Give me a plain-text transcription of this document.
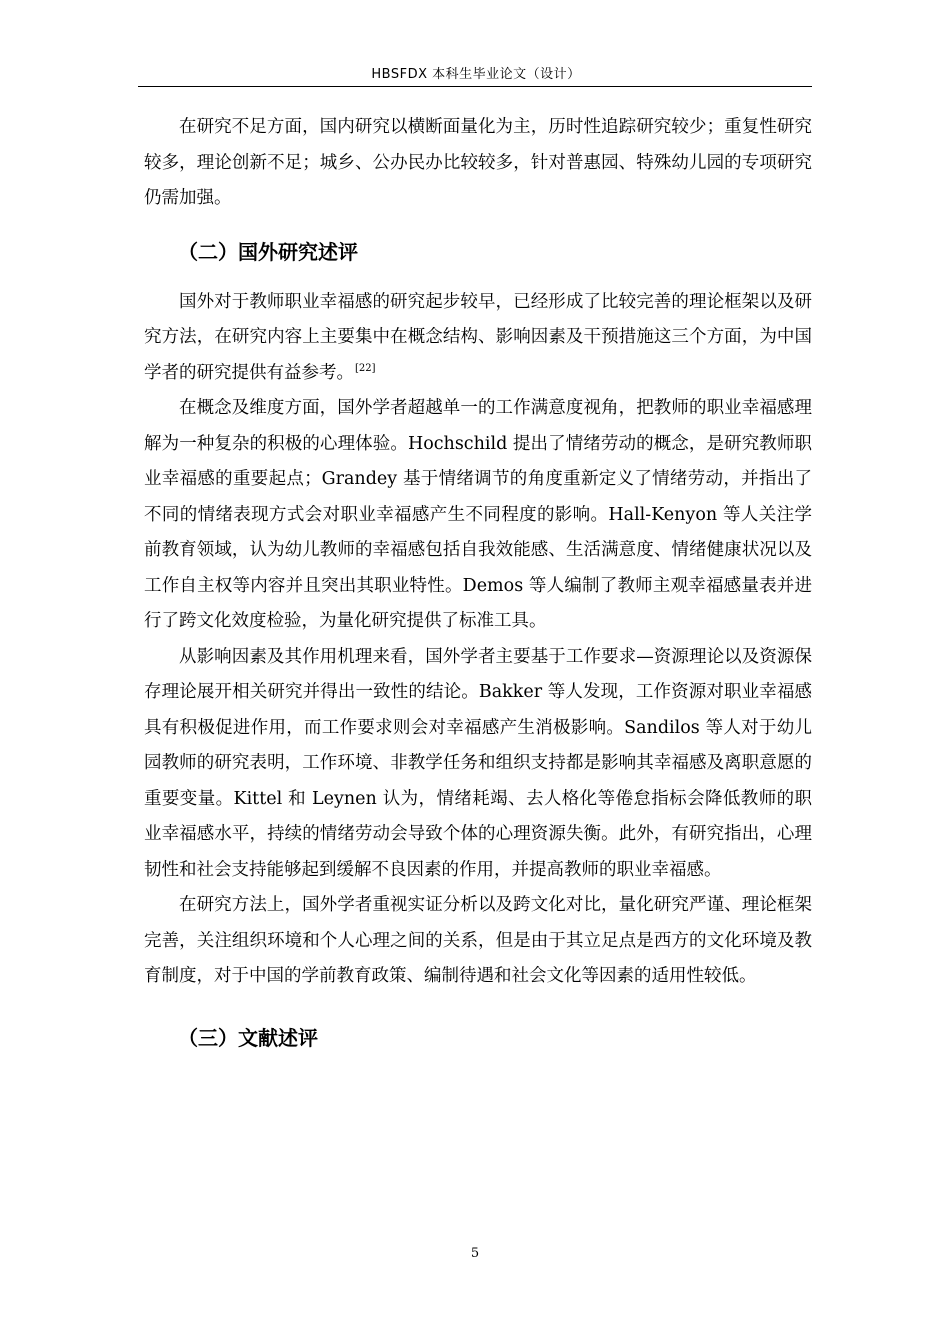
HBSFDX 本科生毕业论文（设计）

在研究不足方面，国内研究以横断面量化为主，历时性追踪研究较少；重复性研究较多，理论创新不足；城乡、公办民办比较较多，针对普惠园、特殊幼儿园的专项研究仍需加强。

（二）国外研究述评

国外对于教师职业幸福感的研究起步较早，已经形成了比较完善的理论框架以及研究方法，在研究内容上主要集中在概念结构、影响因素及干预措施这三个方面，为中国学者的研究提供有益参考。[22]

在概念及维度方面，国外学者超越单一的工作满意度视角，把教师的职业幸福感理解为一种复杂的积极的心理体验。Hochschild 提出了情绪劳动的概念，是研究教师职业幸福感的重要起点；Grandey 基于情绪调节的角度重新定义了情绪劳动，并指出了不同的情绪表现方式会对职业幸福感产生不同程度的影响。Hall-Kenyon 等人关注学前教育领域，认为幼儿教师的幸福感包括自我效能感、生活满意度、情绪健康状况以及工作自主权等内容并且突出其职业特性。Demos 等人编制了教师主观幸福感量表并进行了跨文化效度检验，为量化研究提供了标准工具。

从影响因素及其作用机理来看，国外学者主要基于工作要求—资源理论以及资源保存理论展开相关研究并得出一致性的结论。Bakker 等人发现，工作资源对职业幸福感具有积极促进作用，而工作要求则会对幸福感产生消极影响。Sandilos 等人对于幼儿园教师的研究表明，工作环境、非教学任务和组织支持都是影响其幸福感及离职意愿的重要变量。Kittel 和 Leynen 认为，情绪耗竭、去人格化等倦怠指标会降低教师的职业幸福感水平，持续的情绪劳动会导致个体的心理资源失衡。此外，有研究指出，心理韧性和社会支持能够起到缓解不良因素的作用，并提高教师的职业幸福感。

在研究方法上，国外学者重视实证分析以及跨文化对比，量化研究严谨、理论框架完善，关注组织环境和个人心理之间的关系，但是由于其立足点是西方的文化环境及教育制度，对于中国的学前教育政策、编制待遇和社会文化等因素的适用性较低。

（三）文献述评
5
